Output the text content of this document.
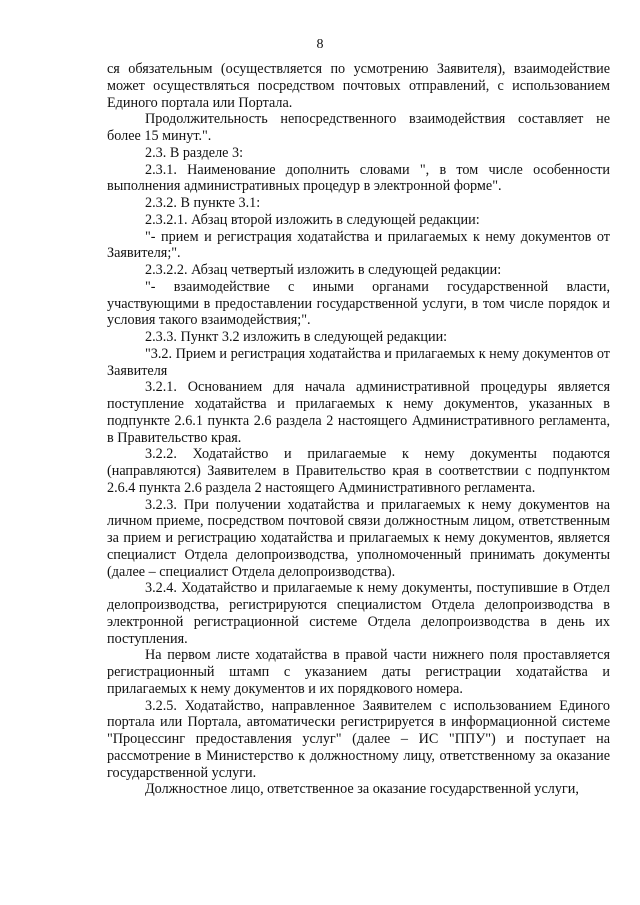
8

ся обязательным (осуществляется по усмотрению Заявителя), взаимодействие может осуществляться посредством почтовых отправлений, с использованием Единого портала или Портала.

Продолжительность непосредственного взаимодействия составляет не более 15 минут.".

2.3. В разделе 3:

2.3.1. Наименование дополнить словами ", в том числе особенности выполнения административных процедур в электронной форме".

2.3.2. В пункте 3.1:

2.3.2.1. Абзац второй изложить в следующей редакции:

"- прием и регистрация ходатайства и прилагаемых к нему документов от Заявителя;".

2.3.2.2. Абзац четвертый изложить в следующей редакции:

"- взаимодействие с иными органами государственной власти, участвующими в предоставлении государственной услуги, в том числе порядок и условия такого взаимодействия;".

2.3.3. Пункт 3.2 изложить в следующей редакции:

"3.2. Прием и регистрация ходатайства и прилагаемых к нему документов от Заявителя

3.2.1. Основанием для начала административной процедуры является поступление ходатайства и прилагаемых к нему документов, указанных в подпункте 2.6.1 пункта 2.6 раздела 2 настоящего Административного регламента, в Правительство края.

3.2.2. Ходатайство и прилагаемые к нему документы подаются (направляются) Заявителем в Правительство края в соответствии с подпунктом 2.6.4 пункта 2.6 раздела 2 настоящего Административного регламента.

3.2.3. При получении ходатайства и прилагаемых к нему документов на личном приеме, посредством почтовой связи должностным лицом, ответственным за прием и регистрацию ходатайства и прилагаемых к нему документов, является специалист Отдела делопроизводства, уполномоченный принимать документы (далее – специалист Отдела делопроизводства).

3.2.4. Ходатайство и прилагаемые к нему документы, поступившие в Отдел делопроизводства, регистрируются специалистом Отдела делопроизводства в электронной регистрационной системе Отдела делопроизводства в день их поступления.

На первом листе ходатайства в правой части нижнего поля проставляется регистрационный штамп с указанием даты регистрации ходатайства и прилагаемых к нему документов и их порядкового номера.

3.2.5. Ходатайство, направленное Заявителем с использованием Единого портала или Портала, автоматически регистрируется в информационной системе "Процессинг предоставления услуг" (далее – ИС "ППУ") и поступает на рассмотрение в Министерство к должностному лицу, ответственному за оказание государственной услуги.

Должностное лицо, ответственное за оказание государственной услуги,
